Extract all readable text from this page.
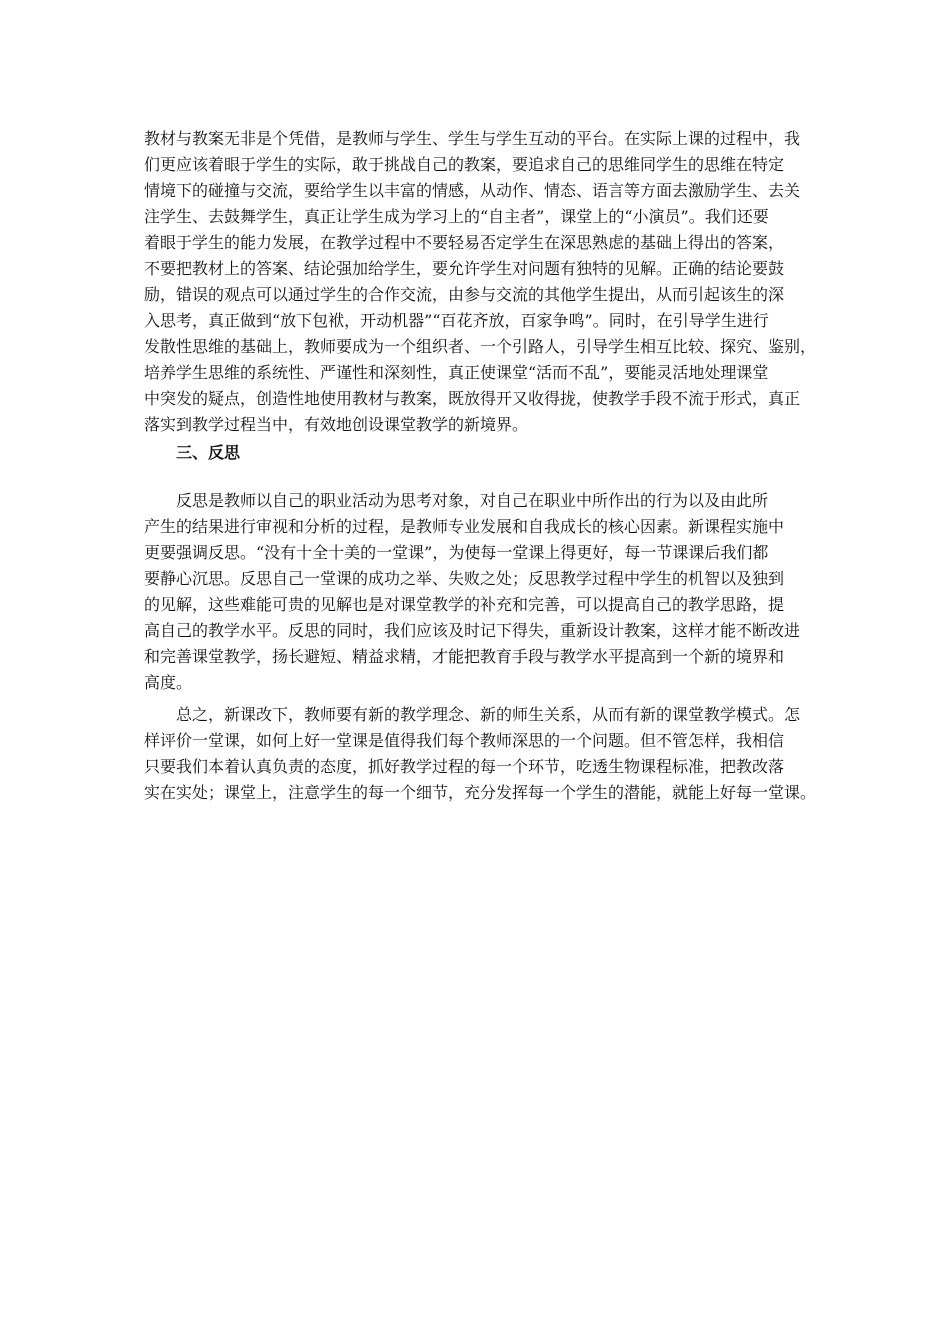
教材与教案无非是个凭借，是教师与学生、学生与学生互动的平台。在实际上课的过程中，我
们更应该着眼于学生的实际，敢于挑战自己的教案，要追求自己的思维同学生的思维在特定
情境下的碰撞与交流，要给学生以丰富的情感，从动作、情态、语言等方面去激励学生、去关
注学生、去鼓舞学生，真正让学生成为学习上的“自主者”，课堂上的“小演员”。我们还要
着眼于学生的能力发展，在教学过程中不要轻易否定学生在深思熟虑的基础上得出的答案，
不要把教材上的答案、结论强加给学生，要允许学生对问题有独特的见解。正确的结论要鼓
励，错误的观点可以通过学生的合作交流，由参与交流的其他学生提出，从而引起该生的深
入思考，真正做到“放下包袱，开动机器”“百花齐放，百家争鸣”。同时，在引导学生进行
发散性思维的基础上，教师要成为一个组织者、一个引路人，引导学生相互比较、探究、鉴别，
培养学生思维的系统性、严谨性和深刻性，真正使课堂“活而不乱”，要能灵活地处理课堂
中突发的疑点，创造性地使用教材与教案，既放得开又收得拢，使教学手段不流于形式，真正
落实到教学过程当中，有效地创设课堂教学的新境界。
三、反思
反思是教师以自己的职业活动为思考对象，对自己在职业中所作出的行为以及由此所
产生的结果进行审视和分析的过程，是教师专业发展和自我成长的核心因素。新课程实施中
更要强调反思。“没有十全十美的一堂课”，为使每一堂课上得更好，每一节课课后我们都
要静心沉思。反思自己一堂课的成功之举、失败之处；反思教学过程中学生的机智以及独到
的见解，这些难能可贵的见解也是对课堂教学的补充和完善，可以提高自己的教学思路，提
高自己的教学水平。反思的同时，我们应该及时记下得失，重新设计教案，这样才能不断改进
和完善课堂教学，扬长避短、精益求精，才能把教育手段与教学水平提高到一个新的境界和
高度。
总之，新课改下，教师要有新的教学理念、新的师生关系，从而有新的课堂教学模式。怎
样评价一堂课，如何上好一堂课是值得我们每个教师深思的一个问题。但不管怎样，我相信
只要我们本着认真负责的态度，抓好教学过程的每一个环节，吃透生物课程标准，把教改落
实在实处；课堂上，注意学生的每一个细节，充分发挥每一个学生的潜能，就能上好每一堂课。
